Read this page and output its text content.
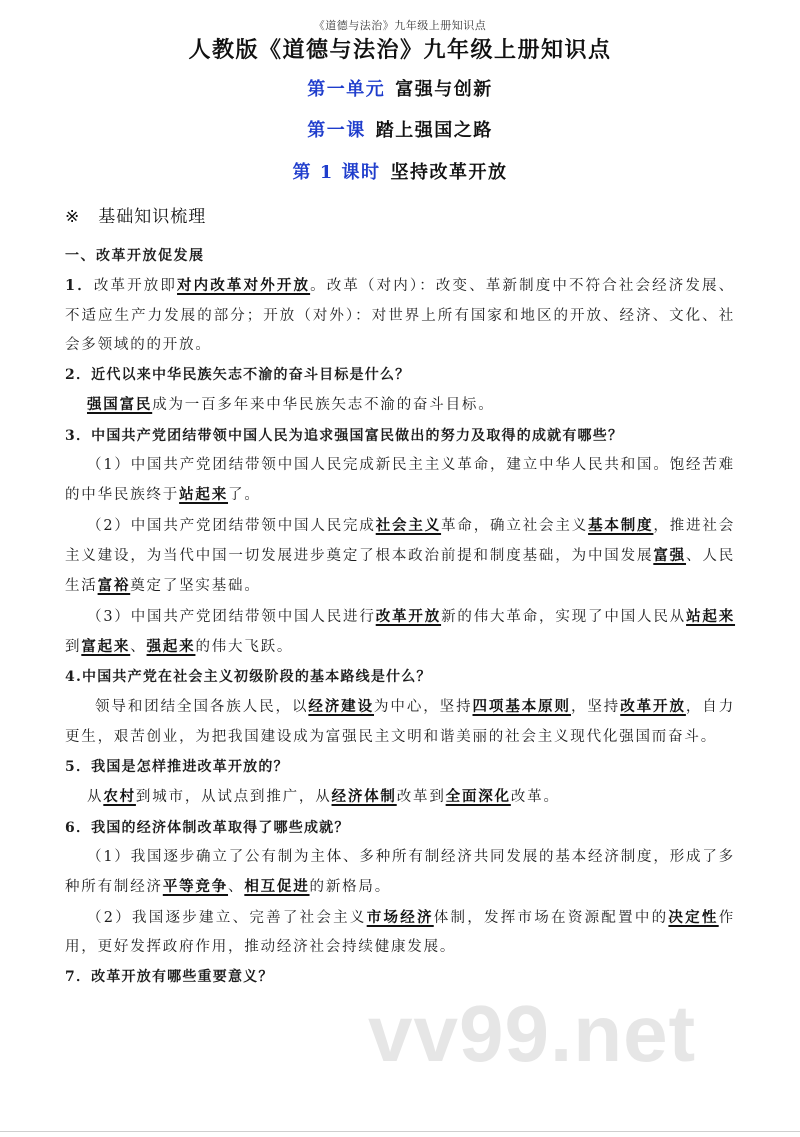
《道德与法治》九年级上册知识点
人教版《道德与法治》九年级上册知识点
第一单元 富强与创新
第一课 踏上强国之路
第 1 课时 坚持改革开放
※ 基础知识梳理
一、改革开放促发展
1．改革开放即对内改革对外开放。改革（对内）：改变、革新制度中不符合社会经济发展、不适应生产力发展的部分；开放（对外）：对世界上所有国家和地区的开放、经济、文化、社会多领域的的开放。
2．近代以来中华民族矢志不渝的奋斗目标是什么？
强国富民成为一百多年来中华民族矢志不渝的奋斗目标。
3．中国共产党团结带领中国人民为追求强国富民做出的努力及取得的成就有哪些？
（1）中国共产党团结带领中国人民完成新民主主义革命，建立中华人民共和国。饱经苦难的中华民族终于站起来了。
（2）中国共产党团结带领中国人民完成社会主义革命，确立社会主义基本制度，推进社会主义建设，为当代中国一切发展进步奠定了根本政治前提和制度基础，为中国发展富强、人民生活富裕奠定了坚实基础。
（3）中国共产党团结带领中国人民进行改革开放新的伟大革命，实现了中国人民从站起来到富起来、强起来的伟大飞跃。
4.中国共产党在社会主义初级阶段的基本路线是什么？
领导和团结全国各族人民，以经济建设为中心，坚持四项基本原则，坚持改革开放，自力更生，艰苦创业，为把我国建设成为富强民主文明和谐美丽的社会主义现代化强国而奋斗。
5．我国是怎样推进改革开放的？
从农村到城市，从试点到推广，从经济体制改革到全面深化改革。
6．我国的经济体制改革取得了哪些成就？
（1）我国逐步确立了公有制为主体、多种所有制经济共同发展的基本经济制度，形成了多种所有制经济平等竞争、相互促进的新格局。
（2）我国逐步建立、完善了社会主义市场经济体制，发挥市场在资源配置中的决定性作用，更好发挥政府作用，推动经济社会持续健康发展。
7．改革开放有哪些重要意义？
vv99.net
